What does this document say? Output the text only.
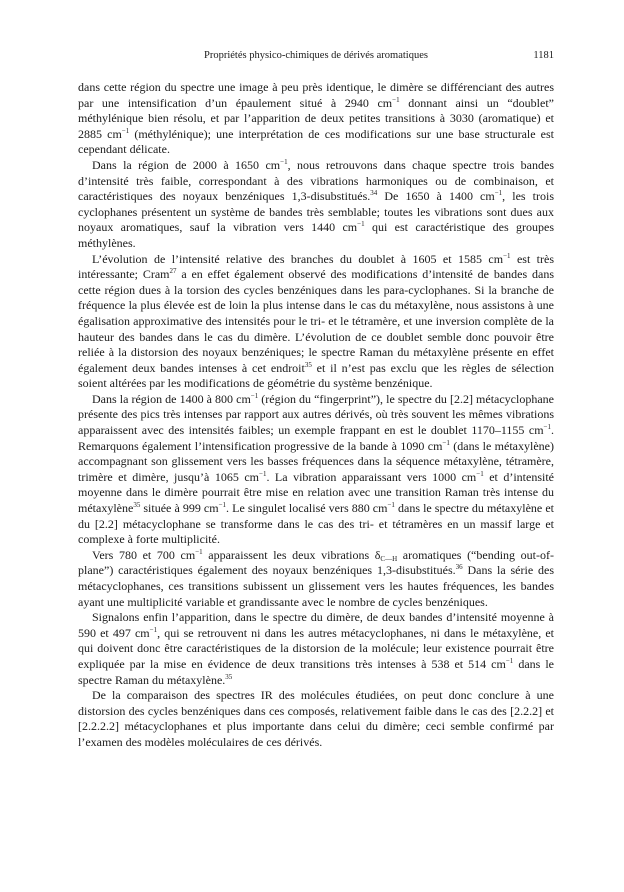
Propriétés physico-chimiques de dérivés aromatiques	1181

dans cette région du spectre une image à peu près identique, le dimère se différenciant des autres par une intensification d’un épaulement situé à 2940 $cm^{-1}$ donnant ainsi un “doublet” méthylénique bien résolu, et par l’apparition de deux petites transitions à 3030 (aromatique) et 2885 $cm^{-1}$ (méthylénique); une interprétation de ces modifications sur une base structurale est cependant délicate.

Dans la région de 2000 à 1650 $cm^{-1}$, nous retrouvons dans chaque spectre trois bandes d’intensité très faible, correspondant à des vibrations harmoniques ou de combinaison, et caractéristiques des noyaux benzéniques 1,3-disubstitués.$^{34}$ De 1650 à 1400 $cm^{-1}$, les trois cyclophanes présentent un système de bandes très semblable; toutes les vibrations sont dues aux noyaux aromatiques, sauf la vibration vers 1440 $cm^{-1}$ qui est caractéristique des groupes méthylènes.

L’évolution de l’intensité relative des branches du doublet à 1605 et 1585 $cm^{-1}$ est très intéressante; Cram$^{27}$ a en effet également observé des modifications d’intensité de bandes dans cette région dues à la torsion des cycles benzéniques dans les para-cyclophanes. Si la branche de fréquence la plus élevée est de loin la plus intense dans le cas du métaxylène, nous assistons à une égalisation approximative des intensités pour le tri- et le tétramère, et une inversion complète de la hauteur des bandes dans le cas du dimère. L’évolution de ce doublet semble donc pouvoir être reliée à la distorsion des noyaux benzéniques; le spectre Raman du métaxylène présente en effet également deux bandes intenses à cet endroit$^{35}$ et il n’est pas exclu que les règles de sélection soient altérées par les modifications de géométrie du système benzénique.

Dans la région de 1400 à 800 $cm^{-1}$ (région du “fingerprint”), le spectre du [2.2] métacyclophane présente des pics très intenses par rapport aux autres dérivés, où très souvent les mêmes vibrations apparaissent avec des intensités faibles; un exemple frappant en est le doublet 1170–1155 $cm^{-1}$. Remarquons également l’intensification progressive de la bande à 1090 $cm^{-1}$ (dans le métaxylène) accompagnant son glissement vers les basses fréquences dans la séquence métaxylène, tétramère, trimère et dimère, jusqu’à 1065 $cm^{-1}$. La vibration apparaissant vers 1000 $cm^{-1}$ et d’intensité moyenne dans le dimère pourrait être mise en relation avec une transition Raman très intense du métaxylène$^{35}$ située à 999 $cm^{-1}$. Le singulet localisé vers 880 $cm^{-1}$ dans le spectre du métaxylène et du [2.2] métacyclophane se transforme dans le cas des tri- et tétramères en un massif large et complexe à forte multiplicité.

Vers 780 et 700 $cm^{-1}$ apparaissent les deux vibrations $\delta_{C—H}$ aromatiques (“bending out-of-plane”) caractéristiques également des noyaux benzéniques 1,3-disubstitués.$^{36}$ Dans la série des métacyclophanes, ces transitions subissent un glissement vers les hautes fréquences, les bandes ayant une multiplicité variable et grandissante avec le nombre de cycles benzéniques.

Signalons enfin l’apparition, dans le spectre du dimère, de deux bandes d’intensité moyenne à 590 et 497 $cm^{-1}$, qui se retrouvent ni dans les autres métacyclophanes, ni dans le métaxylène, et qui doivent donc être caractéristiques de la distorsion de la molécule; leur existence pourrait être expliquée par la mise en évidence de deux transitions très intenses à 538 et 514 $cm^{-1}$ dans le spectre Raman du métaxylène.$^{35}$

De la comparaison des spectres IR des molécules étudiées, on peut donc conclure à une distorsion des cycles benzéniques dans ces composés, relativement faible dans le cas des [2.2.2] et [2.2.2.2] métacyclophanes et plus importante dans celui du dimère; ceci semble confirmé par l’examen des modèles moléculaires de ces dérivés.
